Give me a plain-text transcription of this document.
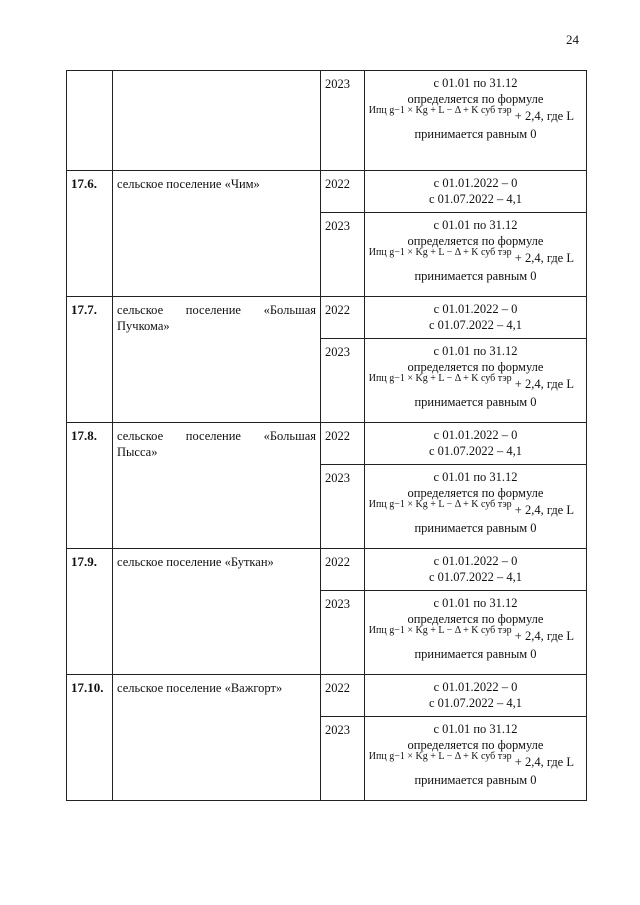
24
		2023	с 01.01 по 31.12
определяется по формуле
$^{Ипц g-1 \times Kg + L - \Delta + K суб тэр}$ + 2,4, где L
принимается равным 0

17.6.	сельское поселение «Чим»	2022	с 01.01.2022 – 0
с 01.07.2022 – 4,1

		2023	с 01.01 по 31.12
определяется по формуле
$^{Ипц g-1 \times Kg + L - \Delta + K суб тэр}$ + 2,4, где L
принимается равным 0

17.7.	сельское поселение «Большая Пучкома»	2022	с 01.01.2022 – 0
с 01.07.2022 – 4,1

		2023	с 01.01 по 31.12
определяется по формуле
$^{Ипц g-1 \times Kg + L - \Delta + K суб тэр}$ + 2,4, где L
принимается равным 0

17.8.	сельское поселение «Большая Пысса»	2022	с 01.01.2022 – 0
с 01.07.2022 – 4,1

		2023	с 01.01 по 31.12
определяется по формуле
$^{Ипц g-1 \times Kg + L - \Delta + K суб тэр}$ + 2,4, где L
принимается равным 0

17.9.	сельское поселение «Буткан»	2022	с 01.01.2022 – 0
с 01.07.2022 – 4,1

		2023	с 01.01 по 31.12
определяется по формуле
$^{Ипц g-1 \times Kg + L - \Delta + K суб тэр}$ + 2,4, где L
принимается равным 0

17.10.	сельское поселение «Важгорт»	2022	с 01.01.2022 – 0
с 01.07.2022 – 4,1

		2023	с 01.01 по 31.12
определяется по формуле
$^{Ипц g-1 \times Kg + L - \Delta + K суб тэр}$ + 2,4, где L
принимается равным 0
